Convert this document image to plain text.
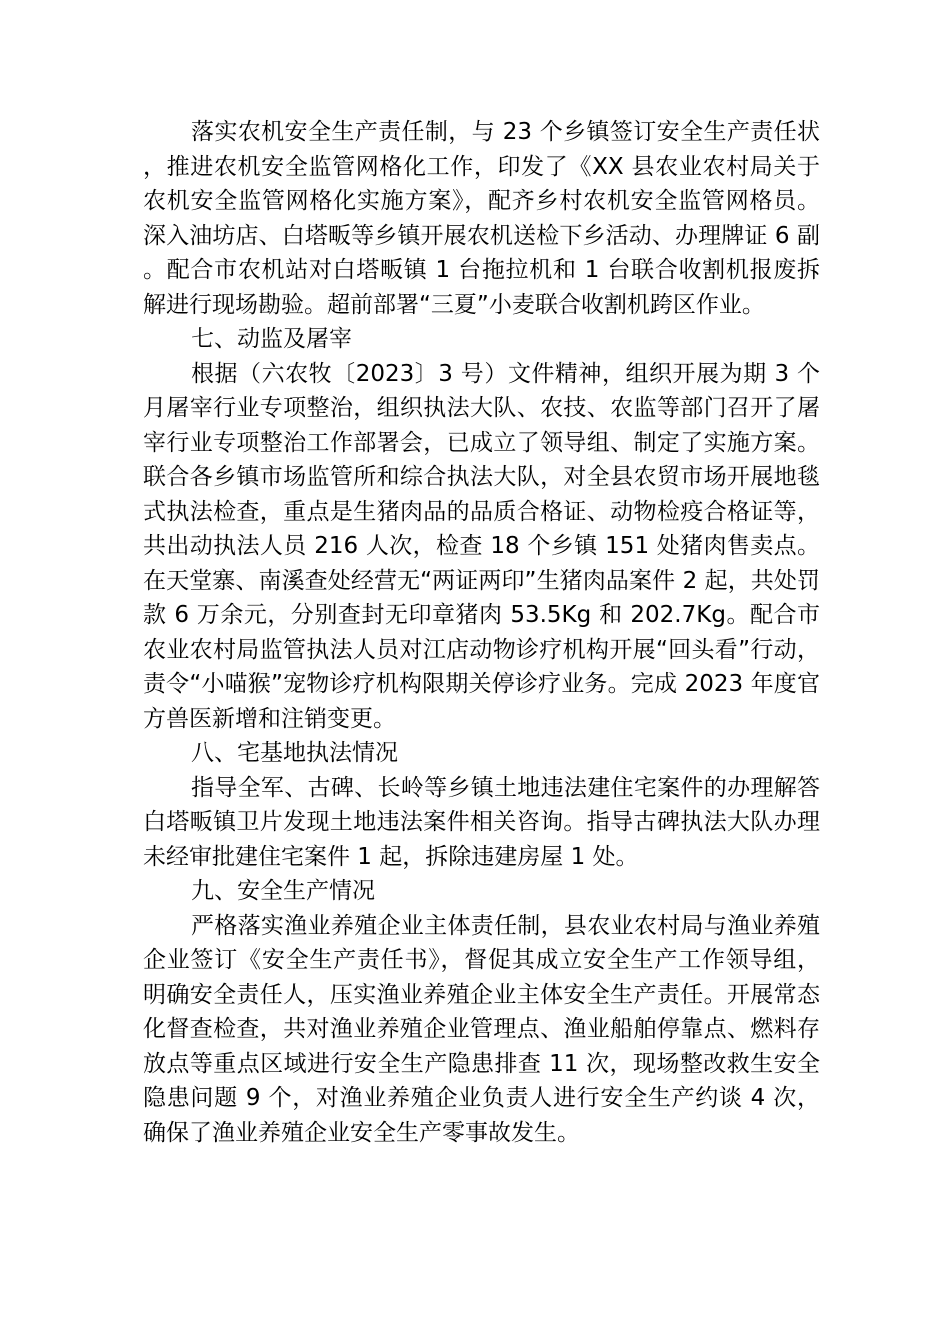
落实农机安全生产责任制，与 23 个乡镇签订安全生产责任状，推进农机安全监管网格化工作，印发了《XX 县农业农村局关于农机安全监管网格化实施方案》，配齐乡村农机安全监管网格员。深入油坊店、白塔畈等乡镇开展农机送检下乡活动、办理牌证 6 副。配合市农机站对白塔畈镇 1 台拖拉机和 1 台联合收割机报废拆解进行现场勘验。超前部署“三夏”小麦联合收割机跨区作业。

七、动监及屠宰

根据（六农牧〔2023〕3 号）文件精神，组织开展为期 3 个月屠宰行业专项整治，组织执法大队、农技、农监等部门召开了屠宰行业专项整治工作部署会，已成立了领导组、制定了实施方案。联合各乡镇市场监管所和综合执法大队，对全县农贸市场开展地毯式执法检查，重点是生猪肉品的品质合格证、动物检疫合格证等，共出动执法人员 216 人次，检查 18 个乡镇 151 处猪肉售卖点。在天堂寨、南溪查处经营无“两证两印”生猪肉品案件 2 起，共处罚款 6 万余元，分别查封无印章猪肉 53.5Kg 和 202.7Kg。配合市农业农村局监管执法人员对江店动物诊疗机构开展“回头看”行动，责令“小喵猴”宠物诊疗机构限期关停诊疗业务。完成 2023 年度官方兽医新增和注销变更。

八、宅基地执法情况

指导全军、古碑、长岭等乡镇土地违法建住宅案件的办理解答白塔畈镇卫片发现土地违法案件相关咨询。指导古碑执法大队办理未经审批建住宅案件 1 起，拆除违建房屋 1 处。

九、安全生产情况

严格落实渔业养殖企业主体责任制，县农业农村局与渔业养殖企业签订《安全生产责任书》，督促其成立安全生产工作领导组，明确安全责任人，压实渔业养殖企业主体安全生产责任。开展常态化督查检查，共对渔业养殖企业管理点、渔业船舶停靠点、燃料存放点等重点区域进行安全生产隐患排查 11 次，现场整改救生安全隐患问题 9 个，对渔业养殖企业负责人进行安全生产约谈 4 次，确保了渔业养殖企业安全生产零事故发生。
